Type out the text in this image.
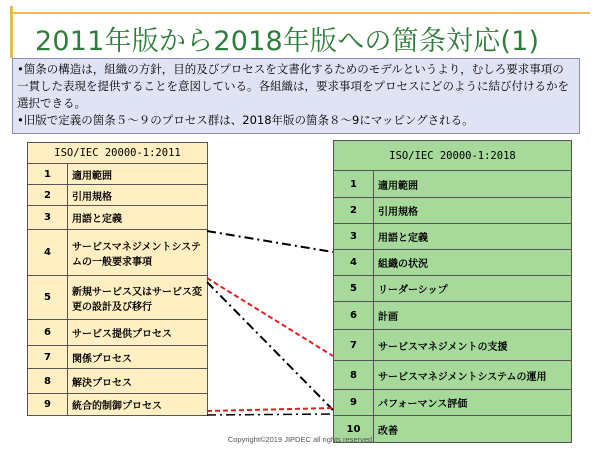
2011年版から2018年版への箇条対応(1)
•箇条の構造は，組織の方針，目的及びプロセスを文書化するためのモデルというより，むしろ要求事項の一貫した表現を提供することを意図している。各組織は，要求事項をプロセスにどのように結び付けるかを選択できる。
•旧版で定義の箇条５～９のプロセス群は、2018年版の箇条８～9にマッピングされる。
ISO/IEC 20000-1:2011	
1	適用範囲
2	引用規格
3	用語と定義
4	サービスマネジメントシステムの一般要求事項
5	新規サービス又はサービス変更の設計及び移行
6	サービス提供プロセス
7	関係プロセス
8	解決プロセス
9	統合的制御プロセス
ISO/IEC 20000-1:2018	
1	適用範囲
2	引用規格
3	用語と定義
4	組織の状況
5	リーダーシップ
6	計画
7	サービスマネジメントの支援
8	サービスマネジメントシステムの運用
9	パフォーマンス評価
10	改善
Copyright©2019 JIPDEC all rights reserved
